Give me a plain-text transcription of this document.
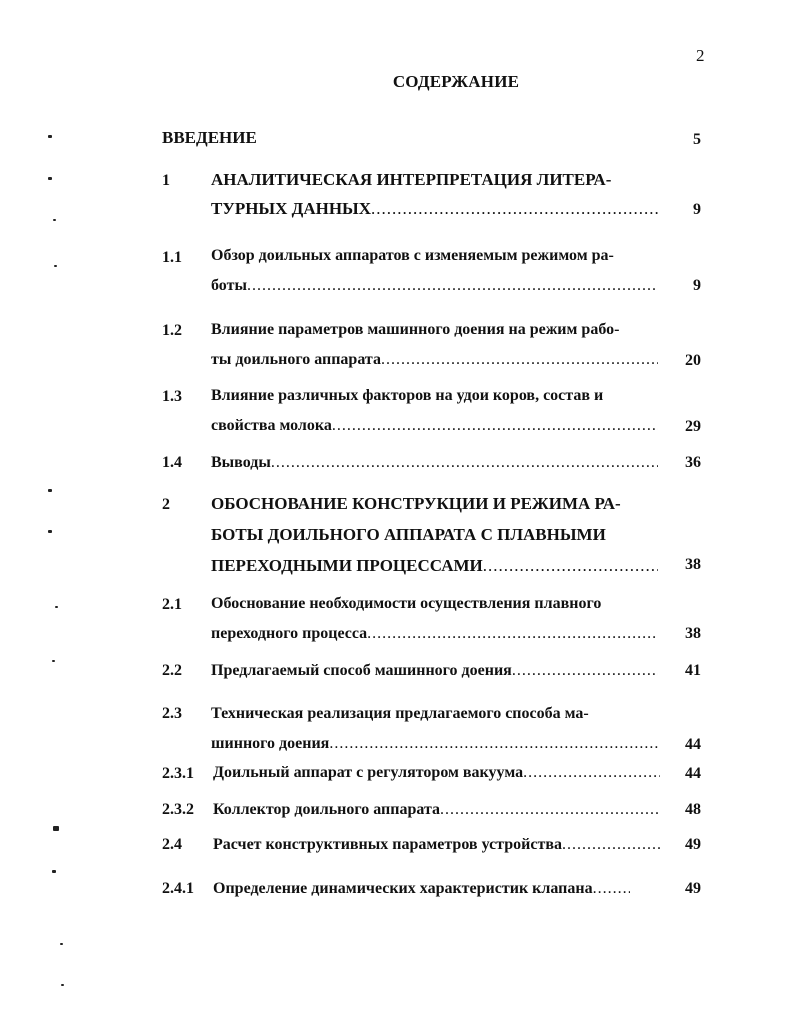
2
СОДЕРЖАНИЕ
ВВЕДЕНИЕ	5
1 АНАЛИТИЧЕСКАЯ ИНТЕРПРЕТАЦИЯ ЛИТЕРА-
ТУРНЫХ ДАННЫХ .....	9
1.1 Обзор доильных аппаратов с изменяемым режимом ра-
боты .....	9
1.2 Влияние параметров машинного доения на режим рабо-
ты доильного аппарата .....	20
1.3 Влияние различных факторов на удои коров, состав и
свойства молока .....	29
1.4 Выводы .....	36
2 ОБОСНОВАНИЕ КОНСТРУКЦИИ И РЕЖИМА РА-
БОТЫ ДОИЛЬНОГО АППАРАТА С ПЛАВНЫМИ
ПЕРЕХОДНЫМИ ПРОЦЕССАМИ .....	38
2.1 Обоснование необходимости осуществления плавного
переходного процесса .....	38
2.2 Предлагаемый способ машинного доения .....	41
2.3 Техническая реализация предлагаемого способа ма-
шинного доения .....	44
2.3.1 Доильный аппарат с регулятором вакуума .....	44
2.3.2 Коллектор доильного аппарата .....	48
2.4 Расчет конструктивных параметров устройства .....	49
2.4.1 Определение динамических характеристик клапана .....	49
